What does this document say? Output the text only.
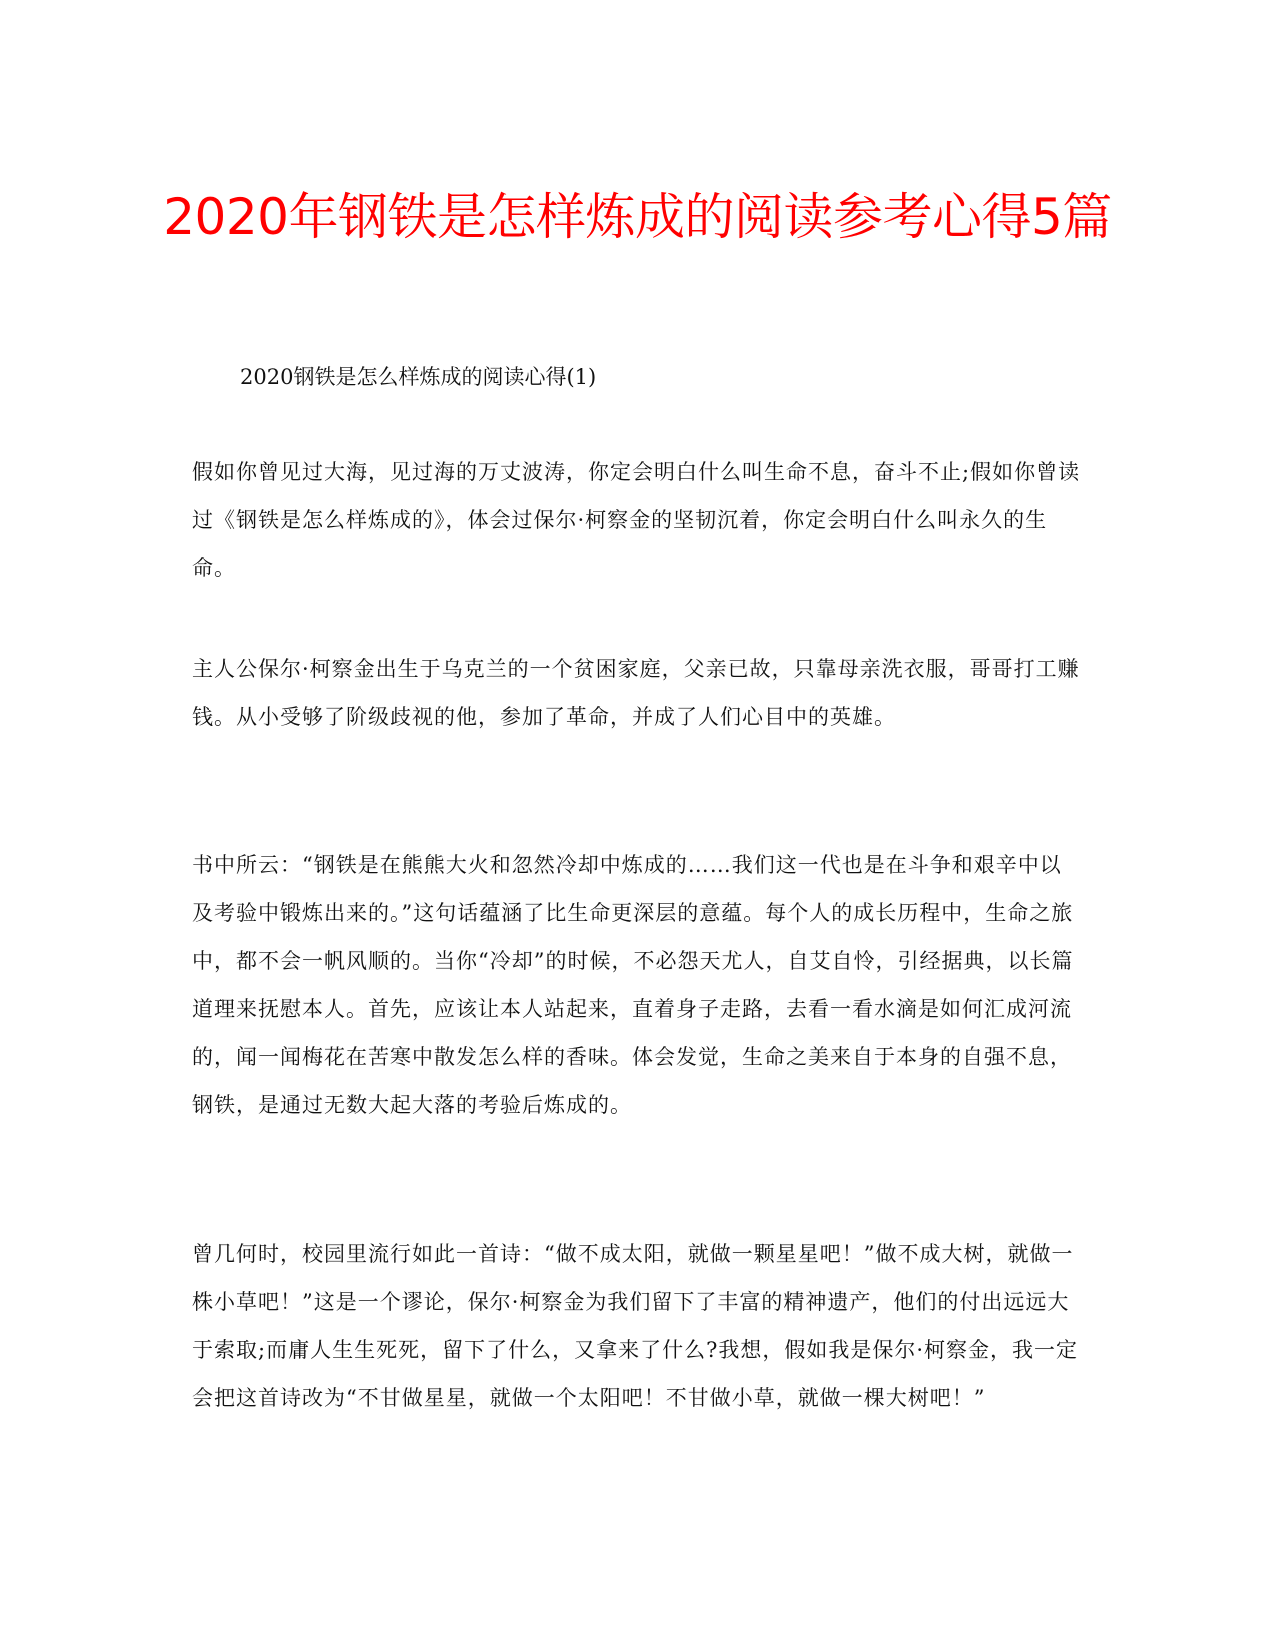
2020年钢铁是怎样炼成的阅读参考心得5篇

2020钢铁是怎么样炼成的阅读心得(1)

假如你曾见过大海，见过海的万丈波涛，你定会明白什么叫生命不息，奋斗不止;假如你曾读过《钢铁是怎么样炼成的》，体会过保尔·柯察金的坚韧沉着，你定会明白什么叫永久的生命。

主人公保尔·柯察金出生于乌克兰的一个贫困家庭，父亲已故，只靠母亲洗衣服，哥哥打工赚钱。从小受够了阶级歧视的他，参加了革命，并成了人们心目中的英雄。

书中所云：“钢铁是在熊熊大火和忽然冷却中炼成的……我们这一代也是在斗争和艰辛中以及考验中锻炼出来的。”这句话蕴涵了比生命更深层的意蕴。每个人的成长历程中，生命之旅中，都不会一帆风顺的。当你“冷却”的时候，不必怨天尤人，自艾自怜，引经据典，以长篇道理来抚慰本人。首先，应该让本人站起来，直着身子走路，去看一看水滴是如何汇成河流的，闻一闻梅花在苦寒中散发怎么样的香味。体会发觉，生命之美来自于本身的自强不息，钢铁，是通过无数大起大落的考验后炼成的。

曾几何时，校园里流行如此一首诗：“做不成太阳，就做一颗星星吧！”做不成大树，就做一株小草吧！”这是一个谬论，保尔·柯察金为我们留下了丰富的精神遗产，他们的付出远远大于索取;而庸人生生死死，留下了什么，又拿来了什么?我想，假如我是保尔·柯察金，我一定会把这首诗改为“不甘做星星，就做一个太阳吧！不甘做小草，就做一棵大树吧！”
